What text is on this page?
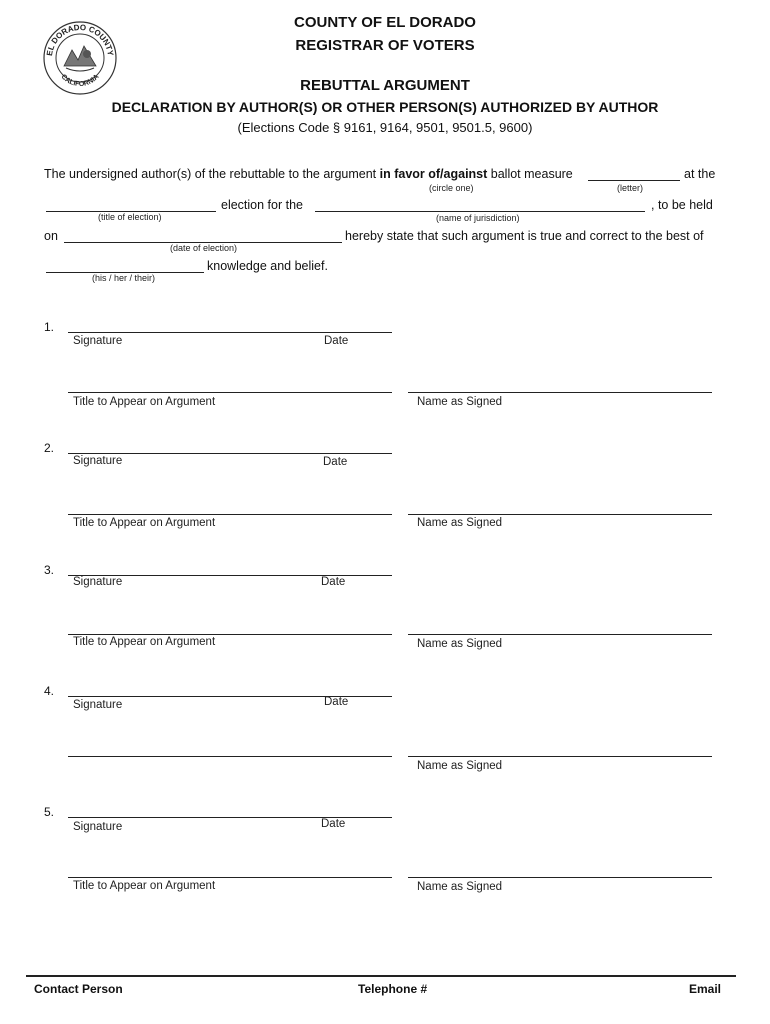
EL DORADO COUNTY
CALIFORNIA
COUNTY OF EL DORADO
REGISTRAR OF VOTERS
REBUTTAL ARGUMENT
DECLARATION BY AUTHOR(S) OR OTHER PERSON(S) AUTHORIZED BY AUTHOR
(Elections Code § 9161, 9164, 9501, 9501.5, 9600)
The undersigned author(s) of the rebuttable to the argument in favor of/against ballot measure	at the
(circle one)	(letter)
election for the	, to be held
(title of election)	(name of jurisdiction)
on	hereby state that such argument is true and correct to the best of
(date of election)
knowledge and belief.
(his / her / their)
1.
Signature	Date
Title to Appear on Argument	Name as Signed
2.
Signature	Date
Title to Appear on Argument	Name as Signed
3.
Signature	Date
Title to Appear on Argument	Name as Signed
4.
Signature	Date
Name as Signed
5.
Signature	Date
Title to Appear on Argument	Name as Signed
Contact Person	Telephone #	Email
